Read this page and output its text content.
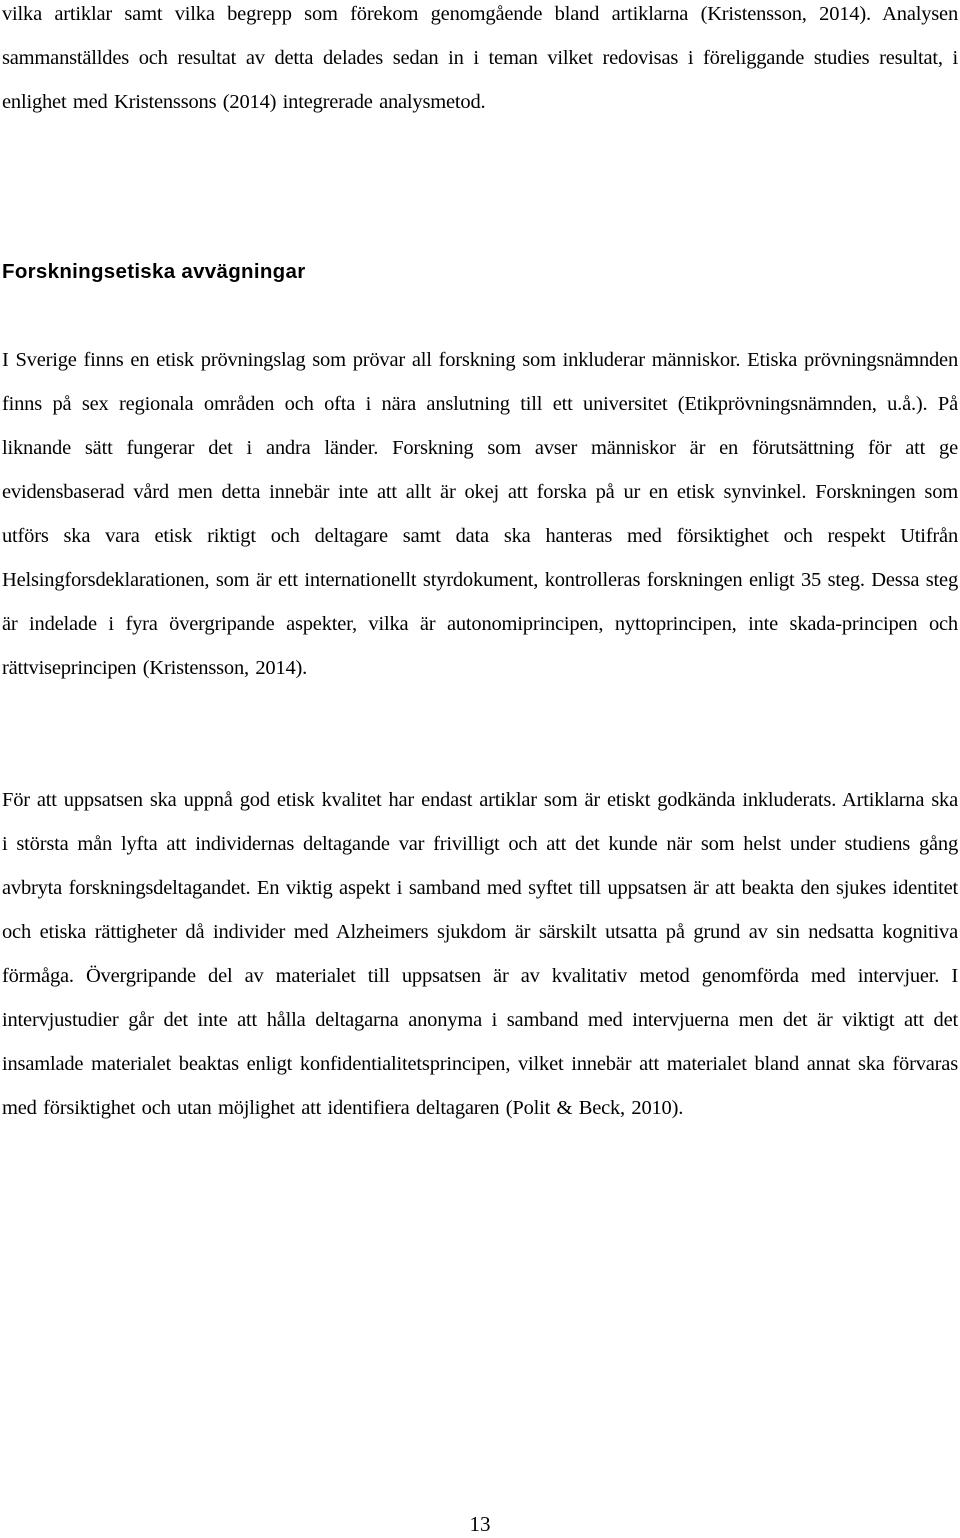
vilka artiklar samt vilka begrepp som förekom genomgående bland artiklarna (Kristensson, 2014). Analysen sammanställdes och resultat av detta delades sedan in i teman vilket redovisas i föreliggande studies resultat, i enlighet med Kristenssons (2014) integrerade analysmetod.

Forskningsetiska avvägningar

I Sverige finns en etisk prövningslag som prövar all forskning som inkluderar människor. Etiska prövningsnämnden finns på sex regionala områden och ofta i nära anslutning till ett universitet (Etikprövningsnämnden, u.å.). På liknande sätt fungerar det i andra länder. Forskning som avser människor är en förutsättning för att ge evidensbaserad vård men detta innebär inte att allt är okej att forska på ur en etisk synvinkel. Forskningen som utförs ska vara etisk riktigt och deltagare samt data ska hanteras med försiktighet och respekt Utifrån Helsingforsdeklarationen, som är ett internationellt styrdokument, kontrolleras forskningen enligt 35 steg. Dessa steg är indelade i fyra övergripande aspekter, vilka är autonomiprincipen, nyttoprincipen, inte skada-principen och rättviseprincipen (Kristensson, 2014).

För att uppsatsen ska uppnå god etisk kvalitet har endast artiklar som är etiskt godkända inkluderats. Artiklarna ska i största mån lyfta att individernas deltagande var frivilligt och att det kunde när som helst under studiens gång avbryta forskningsdeltagandet. En viktig aspekt i samband med syftet till uppsatsen är att beakta den sjukes identitet och etiska rättigheter då individer med Alzheimers sjukdom är särskilt utsatta på grund av sin nedsatta kognitiva förmåga. Övergripande del av materialet till uppsatsen är av kvalitativ metod genomförda med intervjuer. I intervjustudier går det inte att hålla deltagarna anonyma i samband med intervjuerna men det är viktigt att det insamlade materialet beaktas enligt konfidentialitetsprincipen, vilket innebär att materialet bland annat ska förvaras med försiktighet och utan möjlighet att identifiera deltagaren (Polit & Beck, 2010).

13
